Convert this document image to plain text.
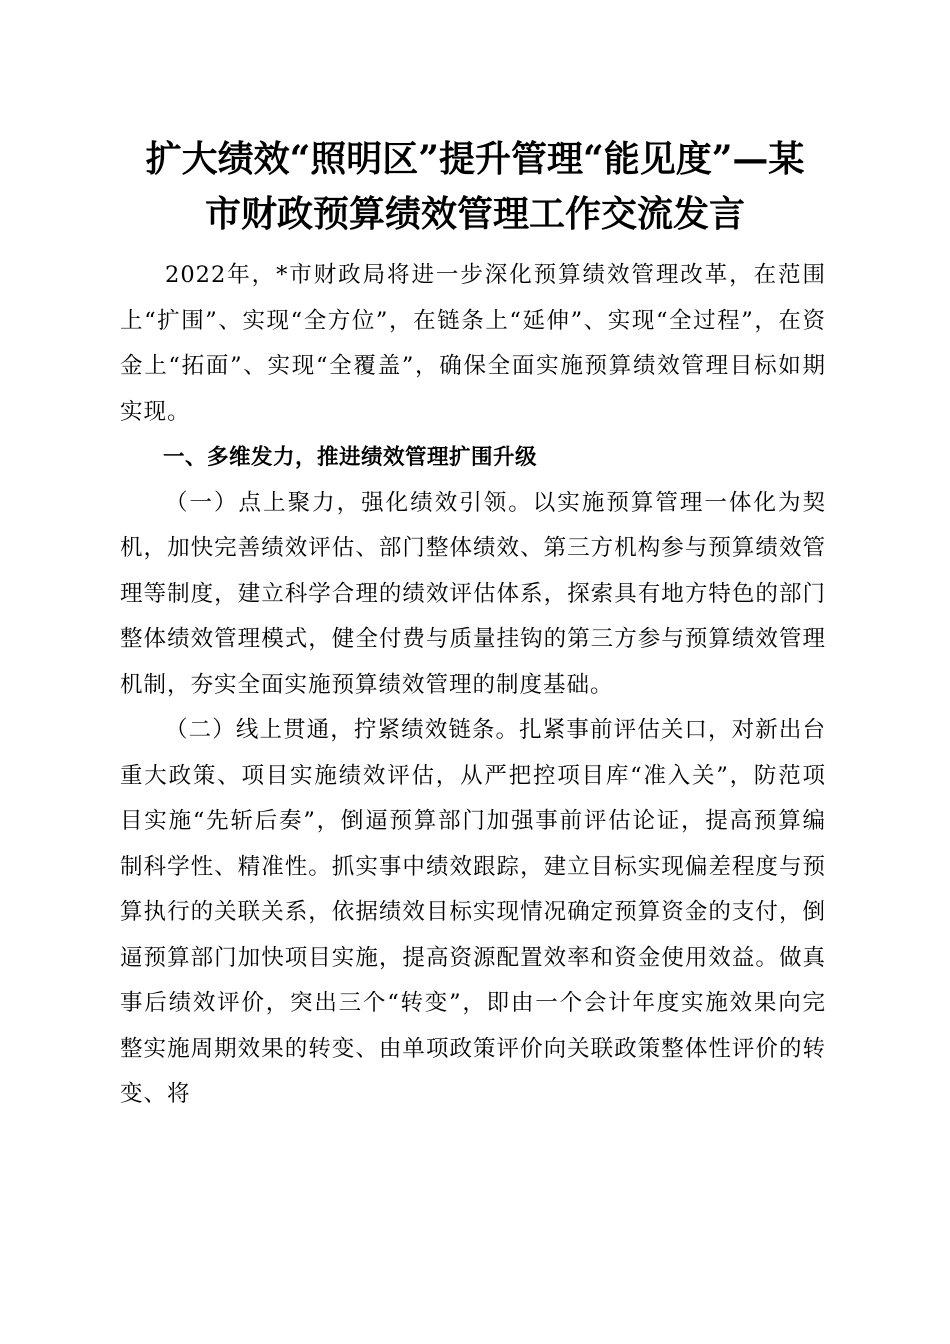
扩大绩效“照明区”提升管理“能见度”—某
市财政预算绩效管理工作交流发言

2022年，*市财政局将进一步深化预算绩效管理改革，在范围上“扩围”、实现“全方位”，在链条上“延伸”、实现“全过程”，在资金上“拓面”、实现“全覆盖”，确保全面实施预算绩效管理目标如期实现。

一、多维发力，推进绩效管理扩围升级

（一）点上聚力，强化绩效引领。以实施预算管理一体化为契机，加快完善绩效评估、部门整体绩效、第三方机构参与预算绩效管理等制度，建立科学合理的绩效评估体系，探索具有地方特色的部门整体绩效管理模式，健全付费与质量挂钩的第三方参与预算绩效管理机制，夯实全面实施预算绩效管理的制度基础。

（二）线上贯通，拧紧绩效链条。扎紧事前评估关口，对新出台重大政策、项目实施绩效评估，从严把控项目库“准入关”，防范项目实施“先斩后奏”，倒逼预算部门加强事前评估论证，提高预算编制科学性、精准性。抓实事中绩效跟踪，建立目标实现偏差程度与预算执行的关联关系，依据绩效目标实现情况确定预算资金的支付，倒逼预算部门加快项目实施，提高资源配置效率和资金使用效益。做真事后绩效评价，突出三个“转变”，即由一个会计年度实施效果向完整实施周期效果的转变、由单项政策评价向关联政策整体性评价的转变、将
